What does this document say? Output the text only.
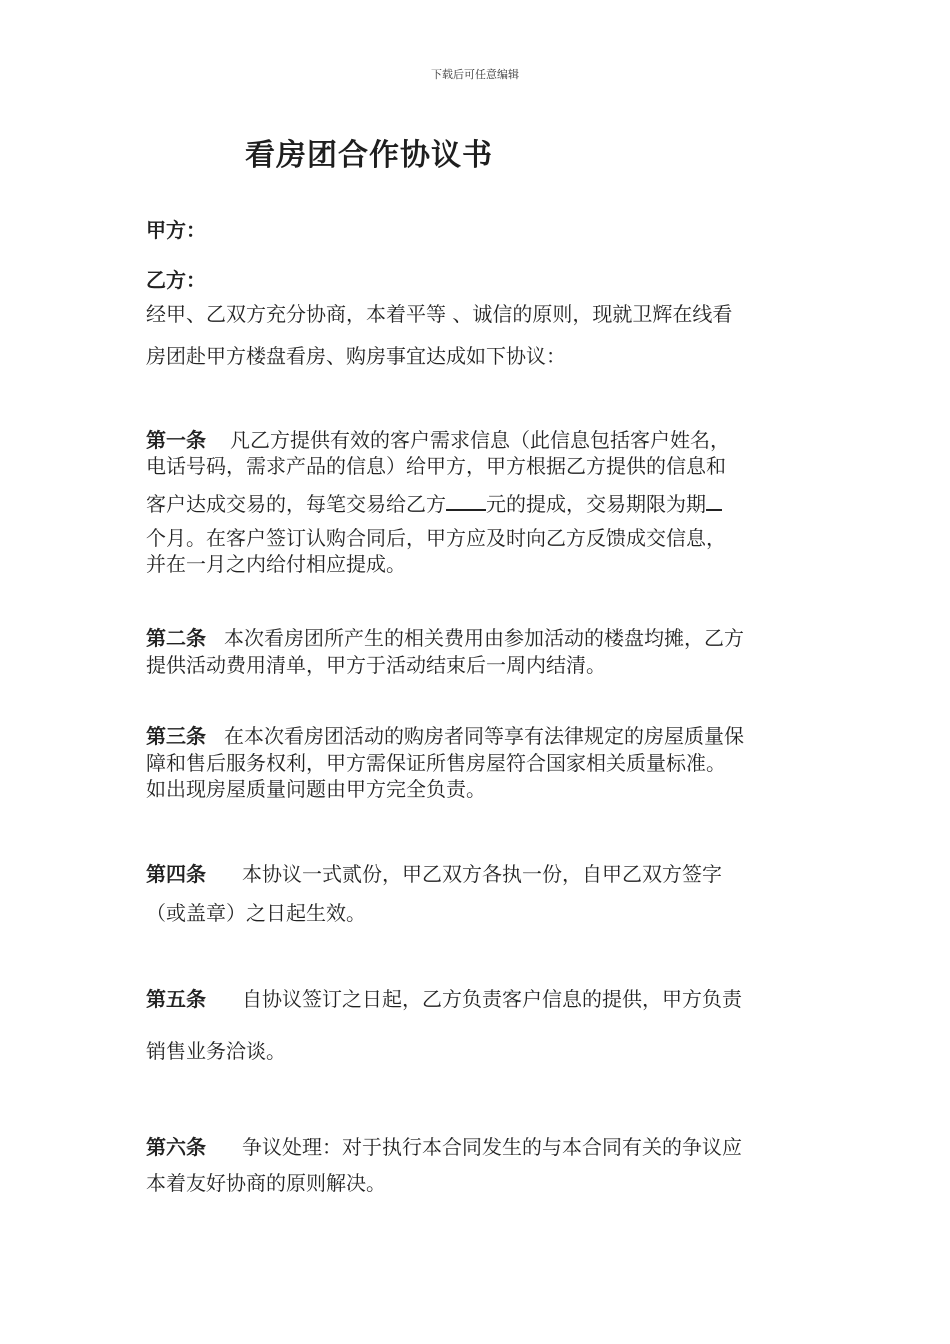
下载后可任意编辑
看房团合作协议书
甲方：
乙方：
经甲、乙双方充分协商，本着平等 、诚信的原则，现就卫辉在线看
房团赴甲方楼盘看房、购房事宜达成如下协议：
第一条 凡乙方提供有效的客户需求信息（此信息包括客户姓名，
电话号码，需求产品的信息）给甲方，甲方根据乙方提供的信息和
客户达成交易的，每笔交易给乙方 元的提成，交易期限为期
个月。在客户签订认购合同后，甲方应及时向乙方反馈成交信息，
并在一月之内给付相应提成。
第二条 本次看房团所产生的相关费用由参加活动的楼盘均摊，乙方
提供活动费用清单，甲方于活动结束后一周内结清。
第三条 在本次看房团活动的购房者同等享有法律规定的房屋质量保
障和售后服务权利，甲方需保证所售房屋符合国家相关质量标准。
如出现房屋质量问题由甲方完全负责。
第四条 本协议一式贰份，甲乙双方各执一份，自甲乙双方签字
（或盖章）之日起生效。
第五条 自协议签订之日起，乙方负责客户信息的提供，甲方负责
销售业务洽谈。
第六条 争议处理：对于执行本合同发生的与本合同有关的争议应
本着友好协商的原则解决。
